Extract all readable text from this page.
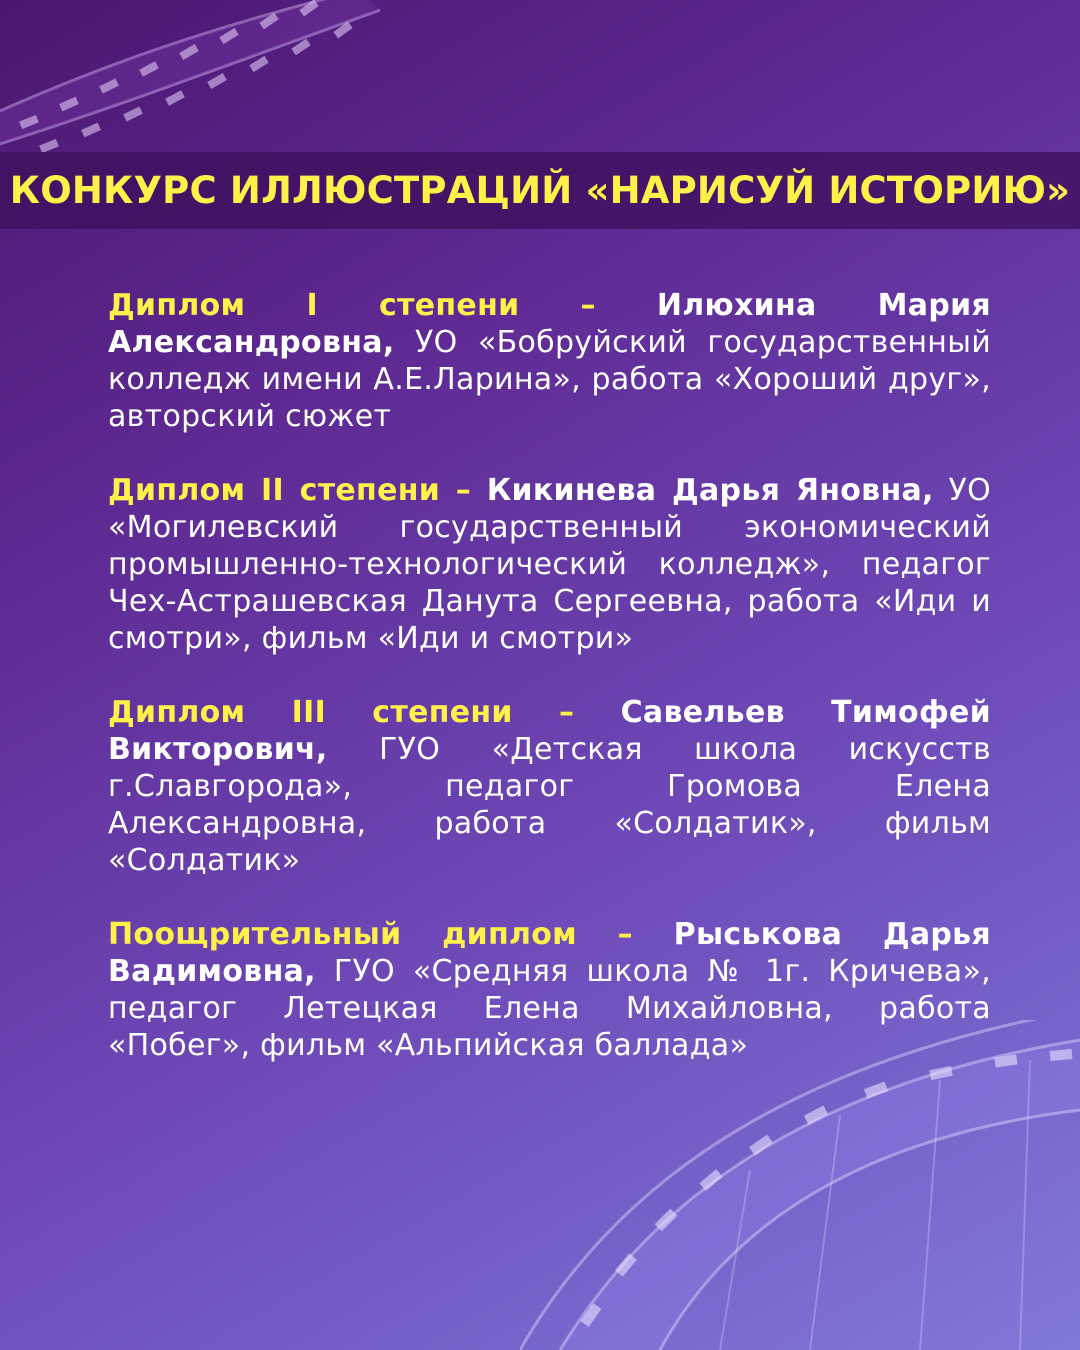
КОНКУРС ИЛЛЮСТРАЦИЙ «НАРИСУЙ ИСТОРИЮ»

Диплом I степени – Илюхина Мария Александровна, УО «Бобруйский государственный колледж имени А.Е.Ларина», работа «Хороший друг», авторский сюжет

Диплом II степени – Кикинева Дарья Яновна, УО «Могилевский государственный экономический промышленно-технологический колледж», педагог Чех-Астрашевская Данута Сергеевна, работа «Иди и смотри», фильм «Иди и смотри»

Диплом III степени – Савельев Тимофей Викторович, ГУО «Детская школа искусств г.Славгорода», педагог Громова Елена Александровна, работа «Солдатик», фильм «Солдатик»

Поощрительный диплом – Рыськова Дарья Вадимовна, ГУО «Средняя школа № 1г. Кричева», педагог Летецкая Елена Михайловна, работа «Побег», фильм «Альпийская баллада»
